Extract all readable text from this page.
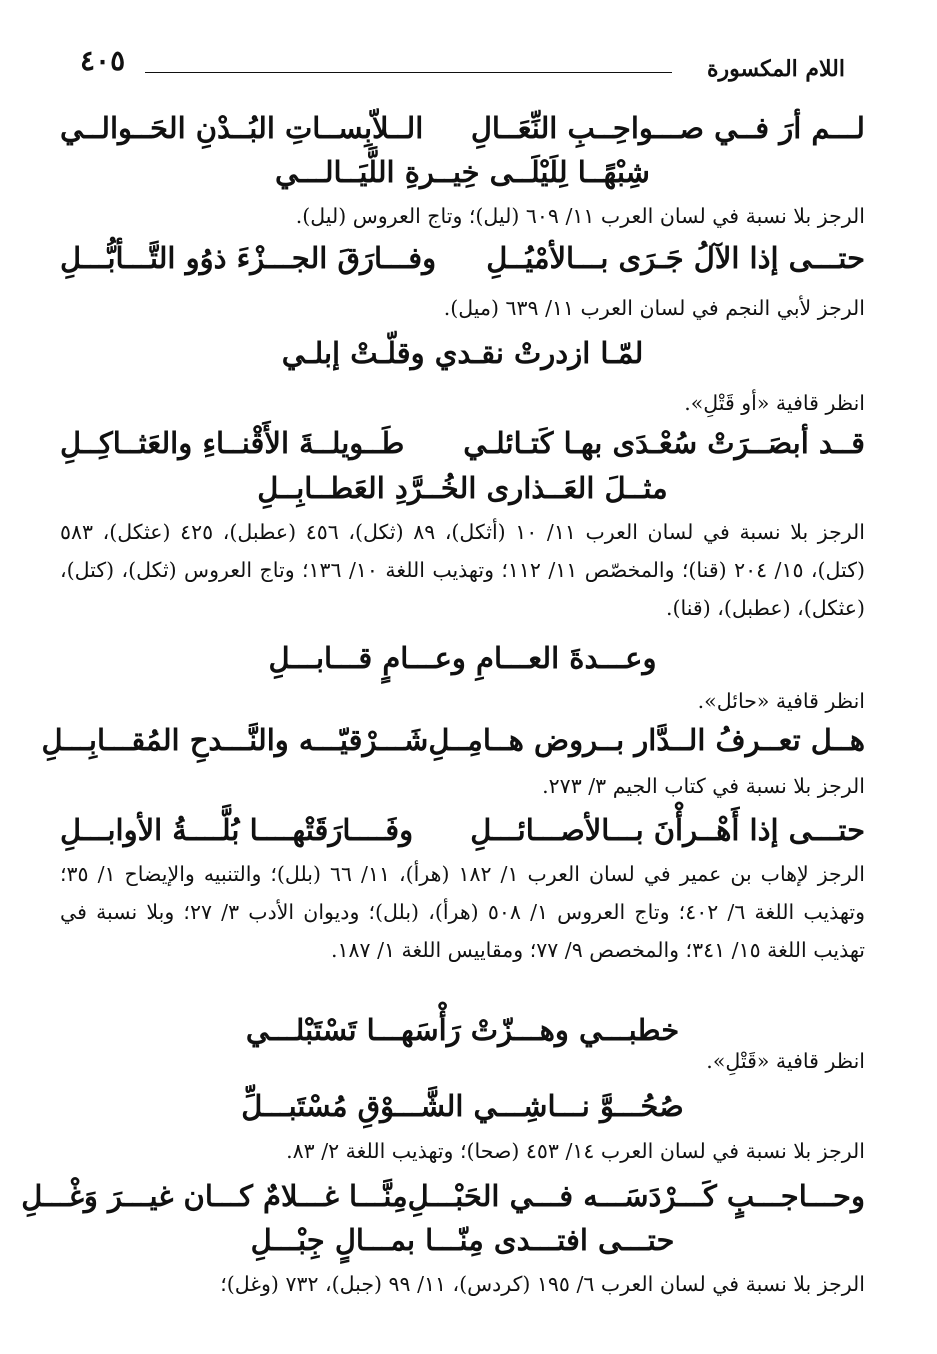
اللام المكسورة
٤٠٥
لـــم أرَ فــي صـــواحِــبِ النِّعَــالِ
الــلاّبِســاتِ البُــدْنِ الحَــوالــي
شِبْهًــا لِلَيْلَــى خِيــرةِ اللَّيَــالـــي
الرجز بلا نسبة في لسان العرب ١١/ ٦٠٩ (ليل)؛ وتاج العروس (ليل).
حتـــى إذا الآلُ جَـرَى بـــالأمْيُــلِ
وفـــارَقَ الجـــزْءَ ذوُو التَّـــأبُّـــلِ
الرجز لأبي النجم في لسان العرب ١١/ ٦٣٩ (ميل).
لمّـا ازدرتْ نقـدي وقلّـتْ إبلـي
انظر قافية «أو قَتْلِ».
قــد أبصَــرَتْ سُعْـدَى بهـا كَتـائلـي
طَــويلــةَ الأَقْنــاءِ والعَثــاكِــلِ
مثــلَ العَــذارى الخُــرَّدِ العَطــابِــلِ
الرجز بلا نسبة في لسان العرب ١١/ ١٠ (أثكل)، ٨٩ (ثكل)، ٤٥٦ (عطبل)، ٤٢٥ (عثكل)، ٥٨٣ (كتل)، ١٥/ ٢٠٤ (قنا)؛ والمخصّص ١١/ ١١٢؛ وتهذيب اللغة ١٠/ ١٣٦؛ وتاج العروس (ثكل)، (كتل)، (عثكل)، (عطبل)، (قنا).
وعـــدةَ العـــامِ وعـــامٍ قـــابـــلِ
انظر قافية «حائل».
هــل تعــرفُ الــدَّار بــروض هــامِــلِ
شَـــرْقيّـــه والنَّـــدحِ المُقـــابِـــلِ
الرجز بلا نسبة في كتاب الجيم ٣/ ٢٧٣.
حتـــى إذا أَهْــرأْنَ بـــالأصـــائـــلِ
وفَــــارَقَتْهــــا بُلَّــــةُ الأوابـــلِ
الرجز لإهاب بن عمير في لسان العرب ١/ ١٨٢ (هرأ)، ١١/ ٦٦ (بلل)؛ والتنبيه والإيضاح ١/ ٣٥؛ وتهذيب اللغة ٦/ ٤٠٢؛ وتاج العروس ١/ ٥٠٨ (هرأ)، (بلل)؛ وديوان الأدب ٣/ ٢٧؛ وبلا نسبة في تهذيب اللغة ١٥/ ٣٤١؛ والمخصص ٩/ ٧٧؛ ومقاييس اللغة ١/ ١٨٧.
خطبـــي وهـــزّتْ رَأْسَهـــا تَسْتَبْلـــي
انظر قافية «قَتْلِ».
صُحُـــوَّ نـــاشِـــي الشَّـــوْقِ مُسْتَبـــلِّ
الرجز بلا نسبة في لسان العرب ١٤/ ٤٥٣ (صحا)؛ وتهذيب اللغة ٢/ ٨٣.
وحـــاجـــبٍ كَـــرْدَسَـــه فـــي الحَبْـــلِ
مِنَّـــا غـــلامٌ كـــان غيـــرَ وَغْـــلِ
حتـــى افتـــدى مِنّـــا بمـــالٍ جِبْـــلِ
الرجز بلا نسبة في لسان العرب ٦/ ١٩٥ (كردس)، ١١/ ٩٩ (جبل)، ٧٣٢ (وغل)؛
